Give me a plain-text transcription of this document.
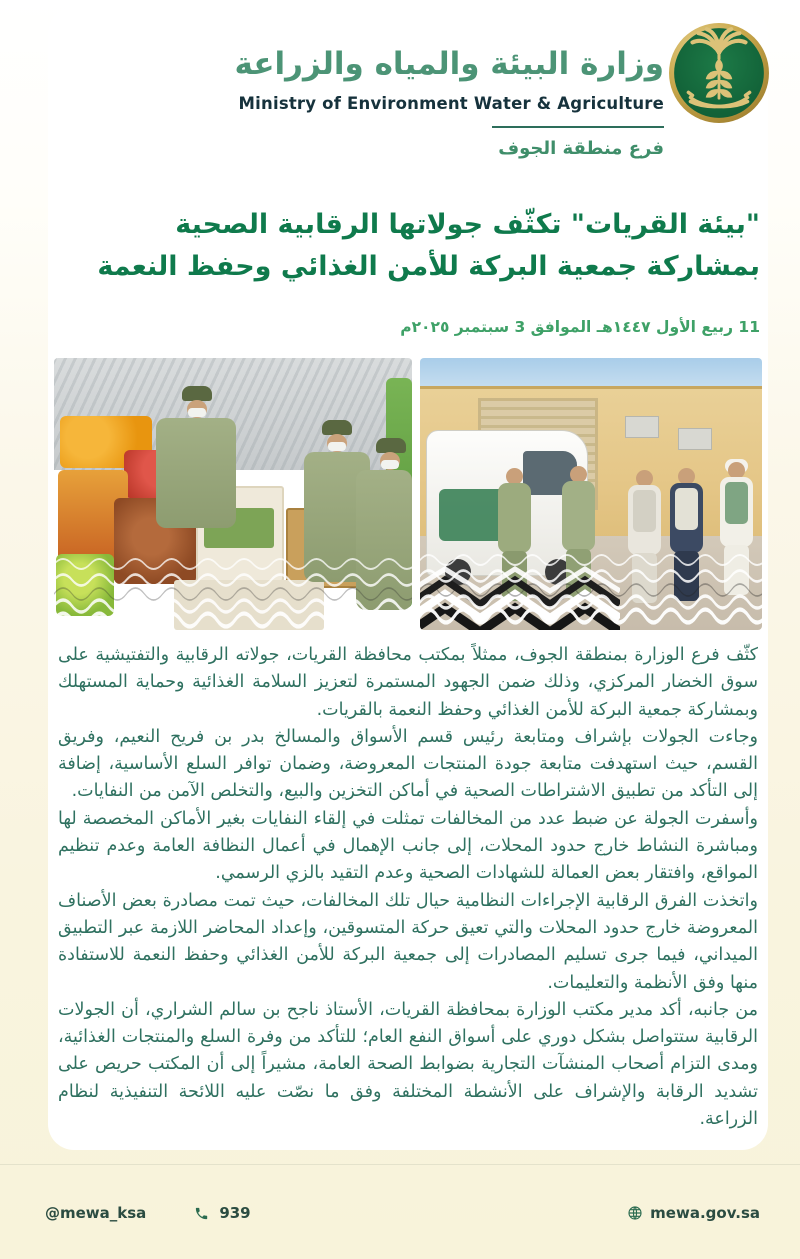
وزارة البيئة والمياه والزراعة
Ministry of Environment Water & Agriculture
فرع منطقة الجوف
"بيئة القريات" تكثّف جولاتها الرقابية الصحية بمشاركة جمعية البركة للأمن الغذائي وحفظ النعمة
11 ربيع الأول ١٤٤٧هـ الموافق 3 سبتمبر ٢٠٢٥م

كثّف فرع الوزارة بمنطقة الجوف، ممثلاً بمكتب محافظة القريات، جولاته الرقابية والتفتيشية على سوق الخضار المركزي، وذلك ضمن الجهود المستمرة لتعزيز السلامة الغذائية وحماية المستهلك وبمشاركة جمعية البركة للأمن الغذائي وحفظ النعمة بالقريات.

وجاءت الجولات بإشراف ومتابعة رئيس قسم الأسواق والمسالخ بدر بن فريح النعيم، وفريق القسم، حيث استهدفت متابعة جودة المنتجات المعروضة، وضمان توافر السلع الأساسية، إضافة إلى التأكد من تطبيق الاشتراطات الصحية في أماكن التخزين والبيع، والتخلص الآمن من النفايات.

وأسفرت الجولة عن ضبط عدد من المخالفات تمثلت في إلقاء النفايات بغير الأماكن المخصصة لها ومباشرة النشاط خارج حدود المحلات، إلى جانب الإهمال في أعمال النظافة العامة وعدم تنظيم المواقع، وافتقار بعض العمالة للشهادات الصحية وعدم التقيد بالزي الرسمي.

واتخذت الفرق الرقابية الإجراءات النظامية حيال تلك المخالفات، حيث تمت مصادرة بعض الأصناف المعروضة خارج حدود المحلات والتي تعيق حركة المتسوقين، وإعداد المحاضر اللازمة عبر التطبيق الميداني، فيما جرى تسليم المصادرات إلى جمعية البركة للأمن الغذائي وحفظ النعمة للاستفادة منها وفق الأنظمة والتعليمات.

من جانبه، أكد مدير مكتب الوزارة بمحافظة القريات، الأستاذ ناجح بن سالم الشراري، أن الجولات الرقابية ستتواصل بشكل دوري على أسواق النفع العام؛ للتأكد من وفرة السلع والمنتجات الغذائية، ومدى التزام أصحاب المنشآت التجارية بضوابط الصحة العامة، مشيراً إلى أن المكتب حريص على تشديد الرقابة والإشراف على الأنشطة المختلفة وفق ما نصّت عليه اللائحة التنفيذية لنظام الزراعة.

@mewa_ksa	939	mewa.gov.sa
